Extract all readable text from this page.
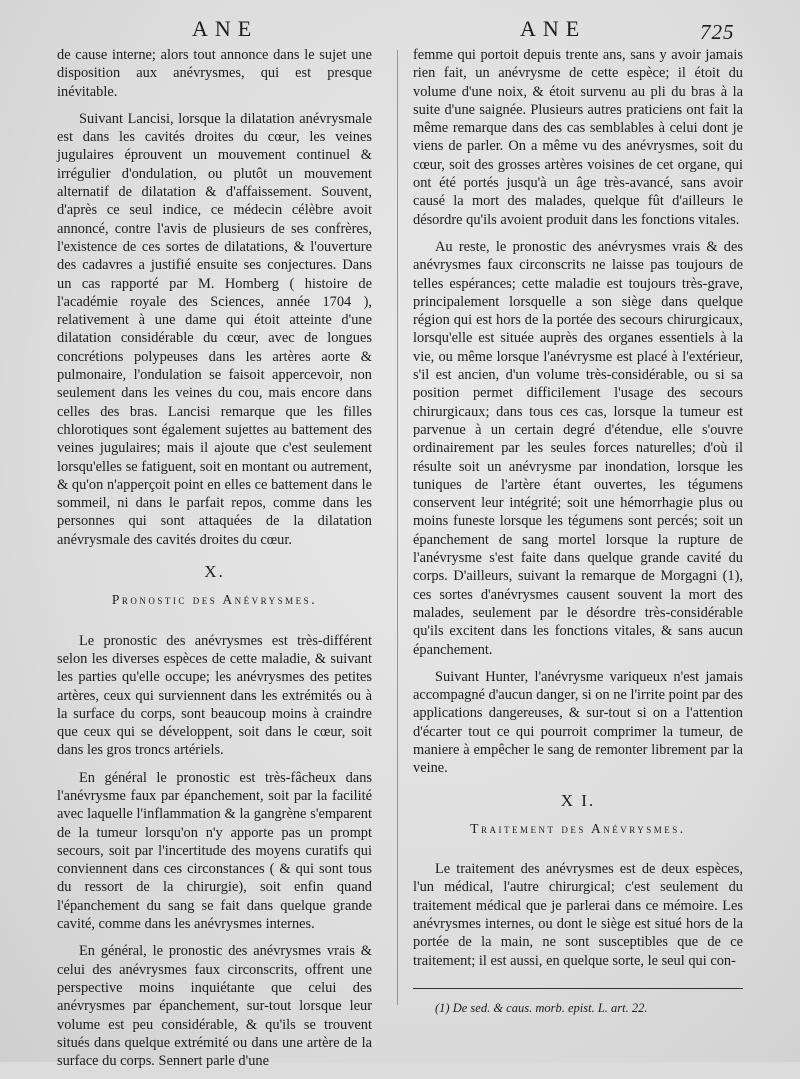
ANE	ANE	725

de cause interne; alors tout annonce dans le sujet une disposition aux anévrysmes, qui est presque inévitable.

Suivant Lancisi, lorsque la dilatation anévrysmale est dans les cavités droites du cœur, les veines jugulaires éprouvent un mouvement continuel & irrégulier d'ondulation, ou plutôt un mouvement alternatif de dilatation & d'affaissement. Souvent, d'après ce seul indice, ce médecin célèbre avoit annoncé, contre l'avis de plusieurs de ses confrères, l'existence de ces sortes de dilatations, & l'ouverture des cadavres a justifié ensuite ses conjectures. Dans un cas rapporté par M. Homberg ( histoire de l'académie royale des Sciences, année 1704 ), relativement à une dame qui étoit atteinte d'une dilatation considérable du cœur, avec de longues concrétions polypeuses dans les artères aorte & pulmonaire, l'ondulation se faisoit appercevoir, non seulement dans les veines du cou, mais encore dans celles des bras. Lancisi remarque que les filles chlorotiques sont également sujettes au battement des veines jugulaires; mais il ajoute que c'est seulement lorsqu'elles se fatiguent, soit en montant ou autrement, & qu'on n'apperçoit point en elles ce battement dans le sommeil, ni dans le parfait repos, comme dans les personnes qui sont attaquées de la dilatation anévrysmale des cavités droites du cœur.

X.
Pronostic des Anévrysmes.

Le pronostic des anévrysmes est très-différent selon les diverses espèces de cette maladie, & suivant les parties qu'elle occupe; les anévrysmes des petites artères, ceux qui surviennent dans les extrémités ou à la surface du corps, sont beaucoup moins à craindre que ceux qui se développent, soit dans le cœur, soit dans les gros troncs artériels.

En général le pronostic est très-fâcheux dans l'anévrysme faux par épanchement, soit par la facilité avec laquelle l'inflammation & la gangrène s'emparent de la tumeur lorsqu'on n'y apporte pas un prompt secours, soit par l'incertitude des moyens curatifs qui conviennent dans ces circonstances ( & qui sont tous du ressort de la chirurgie), soit enfin quand l'épanchement du sang se fait dans quelque grande cavité, comme dans les anévrysmes internes.

En général, le pronostic des anévrysmes vrais & celui des anévrysmes faux circonscrits, offrent une perspective moins inquiétante que celui des anévrysmes par épanchement, sur-tout lorsque leur volume est peu considérable, & qu'ils se trouvent situés dans quelque extrémité ou dans une artère de la surface du corps. Sennert parle d'une

femme qui portoit depuis trente ans, sans y avoir jamais rien fait, un anévrysme de cette espèce; il étoit du volume d'une noix, & étoit survenu au pli du bras à la suite d'une saignée. Plusieurs autres praticiens ont fait la même remarque dans des cas semblables à celui dont je viens de parler. On a même vu des anévrysmes, soit du cœur, soit des grosses artères voisines de cet organe, qui ont été portés jusqu'à un âge très-avancé, sans avoir causé la mort des malades, quelque fût d'ailleurs le désordre qu'ils avoient produit dans les fonctions vitales.

Au reste, le pronostic des anévrysmes vrais & des anévrysmes faux circonscrits ne laisse pas toujours de telles espérances; cette maladie est toujours très-grave, principalement lorsquelle a son siège dans quelque région qui est hors de la portée des secours chirurgicaux, lorsqu'elle est située auprès des organes essentiels à la vie, ou même lorsque l'anévrysme est placé à l'extérieur, s'il est ancien, d'un volume très-considérable, ou si sa position permet difficilement l'usage des secours chirurgicaux; dans tous ces cas, lorsque la tumeur est parvenue à un certain degré d'étendue, elle s'ouvre ordinairement par les seules forces naturelles; d'où il résulte soit un anévrysme par inondation, lorsque les tuniques de l'artère étant ouvertes, les tégumens conservent leur intégrité; soit une hémorrhagie plus ou moins funeste lorsque les tégumens sont percés; soit un épanchement de sang mortel lorsque la rupture de l'anévrysme s'est faite dans quelque grande cavité du corps. D'ailleurs, suivant la remarque de Morgagni (1), ces sortes d'anévrysmes causent souvent la mort des malades, seulement par le désordre très-considérable qu'ils excitent dans les fonctions vitales, & sans aucun épanchement.

Suivant Hunter, l'anévrysme variqueux n'est jamais accompagné d'aucun danger, si on ne l'irrite point par des applications dangereuses, & sur-tout si on a l'attention d'écarter tout ce qui pourroit comprimer la tumeur, de maniere à empêcher le sang de remonter librement par la veine.

X I.
Traitement des Anévrysmes.

Le traitement des anévrysmes est de deux espèces, l'un médical, l'autre chirurgical; c'est seulement du traitement médical que je parlerai dans ce mémoire. Les anévrysmes internes, ou dont le siège est situé hors de la portée de la main, ne sont susceptibles que de ce traitement; il est aussi, en quelque sorte, le seul qui con-

(1) De sed. & caus. morb. epist. L. art. 22.
